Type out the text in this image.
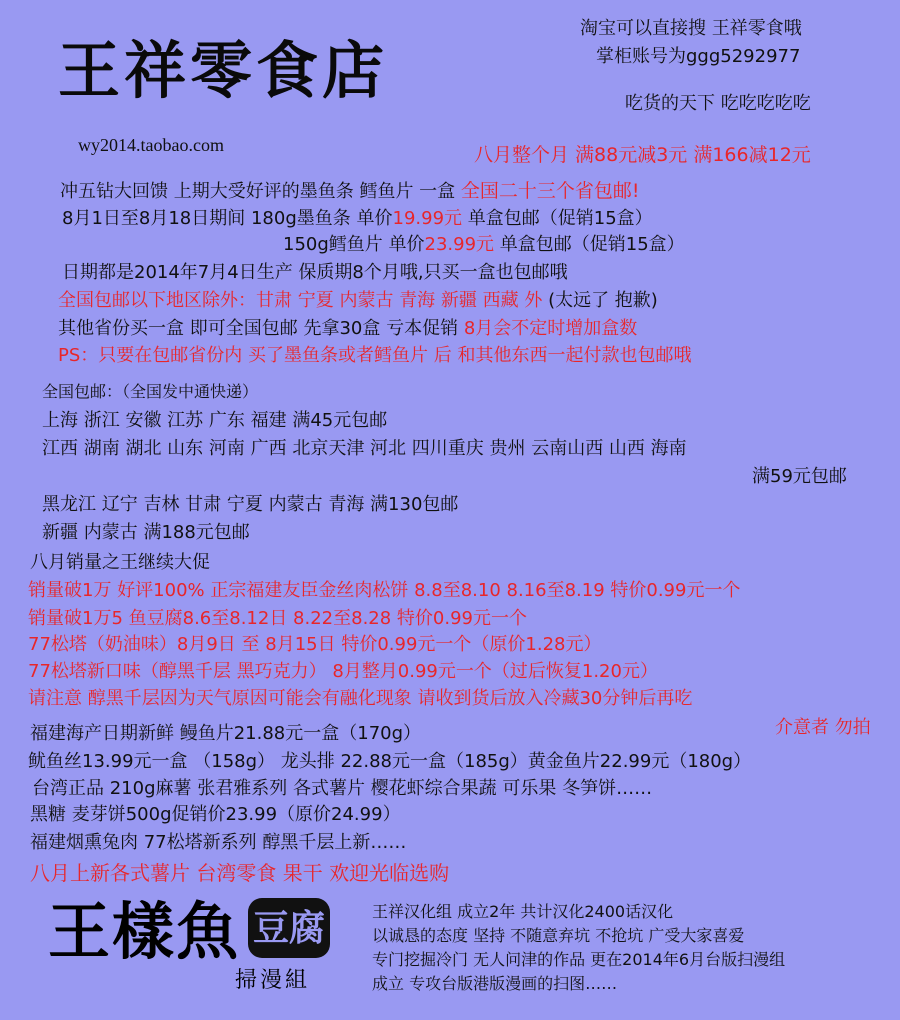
王祥零食店
wy2014.taobao.com
淘宝可以直接搜 王祥零食哦
掌柜账号为ggg5292977
吃货的天下 吃吃吃吃吃
八月整个月 满88元减3元 满166减12元
冲五钻大回馈 上期大受好评的墨鱼条 鳕鱼片 一盒 全国二十三个省包邮!
8月1日至8月18日期间 180g墨鱼条 单价19.99元 单盒包邮（促销15盒）
150g鳕鱼片 单价23.99元 单盒包邮（促销15盒）
日期都是2014年7月4日生产 保质期8个月哦,只买一盒也包邮哦
全国包邮以下地区除外：甘肃 宁夏 内蒙古 青海 新疆 西藏 外 (太远了 抱歉)
其他省份买一盒 即可全国包邮 先拿30盒 亏本促销 8月会不定时增加盒数
PS：只要在包邮省份内 买了墨鱼条或者鳕鱼片 后 和其他东西一起付款也包邮哦
全国包邮：（全国发中通快递）
上海 浙江 安徽 江苏 广东 福建 满45元包邮
江西 湖南 湖北 山东 河南 广西 北京天津 河北 四川重庆 贵州 云南山西 山西 海南
满59元包邮
黑龙江 辽宁 吉林 甘肃 宁夏 内蒙古 青海 满130包邮
新疆 内蒙古 满188元包邮
八月销量之王继续大促
销量破1万 好评100% 正宗福建友臣金丝肉松饼 8.8至8.10 8.16至8.19 特价0.99元一个
销量破1万5 鱼豆腐8.6至8.12日 8.22至8.28 特价0.99元一个
77松塔（奶油味）8月9日 至 8月15日 特价0.99元一个（原价1.28元）
77松塔新口味（醇黑千层 黑巧克力） 8月整月0.99元一个（过后恢复1.20元）
请注意 醇黑千层因为天气原因可能会有融化现象 请收到货后放入冷藏30分钟后再吃
介意者 勿拍
福建海产日期新鲜 鳗鱼片21.88元一盒（170g）
鱿鱼丝13.99元一盒 （158g） 龙头排 22.88元一盒（185g）黄金鱼片22.99元（180g）
台湾正品 210g麻薯 张君雅系列 各式薯片 樱花虾综合果蔬 可乐果 冬笋饼……
黑糖 麦芽饼500g促销价23.99（原价24.99）
福建烟熏兔肉 77松塔新系列 醇黑千层上新……
八月上新各式薯片 台湾零食 果干 欢迎光临选购
王樣魚 豆腐
掃漫組
王祥汉化组 成立2年 共计汉化2400话汉化
以诚恳的态度 坚持 不随意弃坑 不抢坑 广受大家喜爱
专门挖掘冷门 无人问津的作品 更在2014年6月台版扫漫组
成立 专攻台版港版漫画的扫图……
